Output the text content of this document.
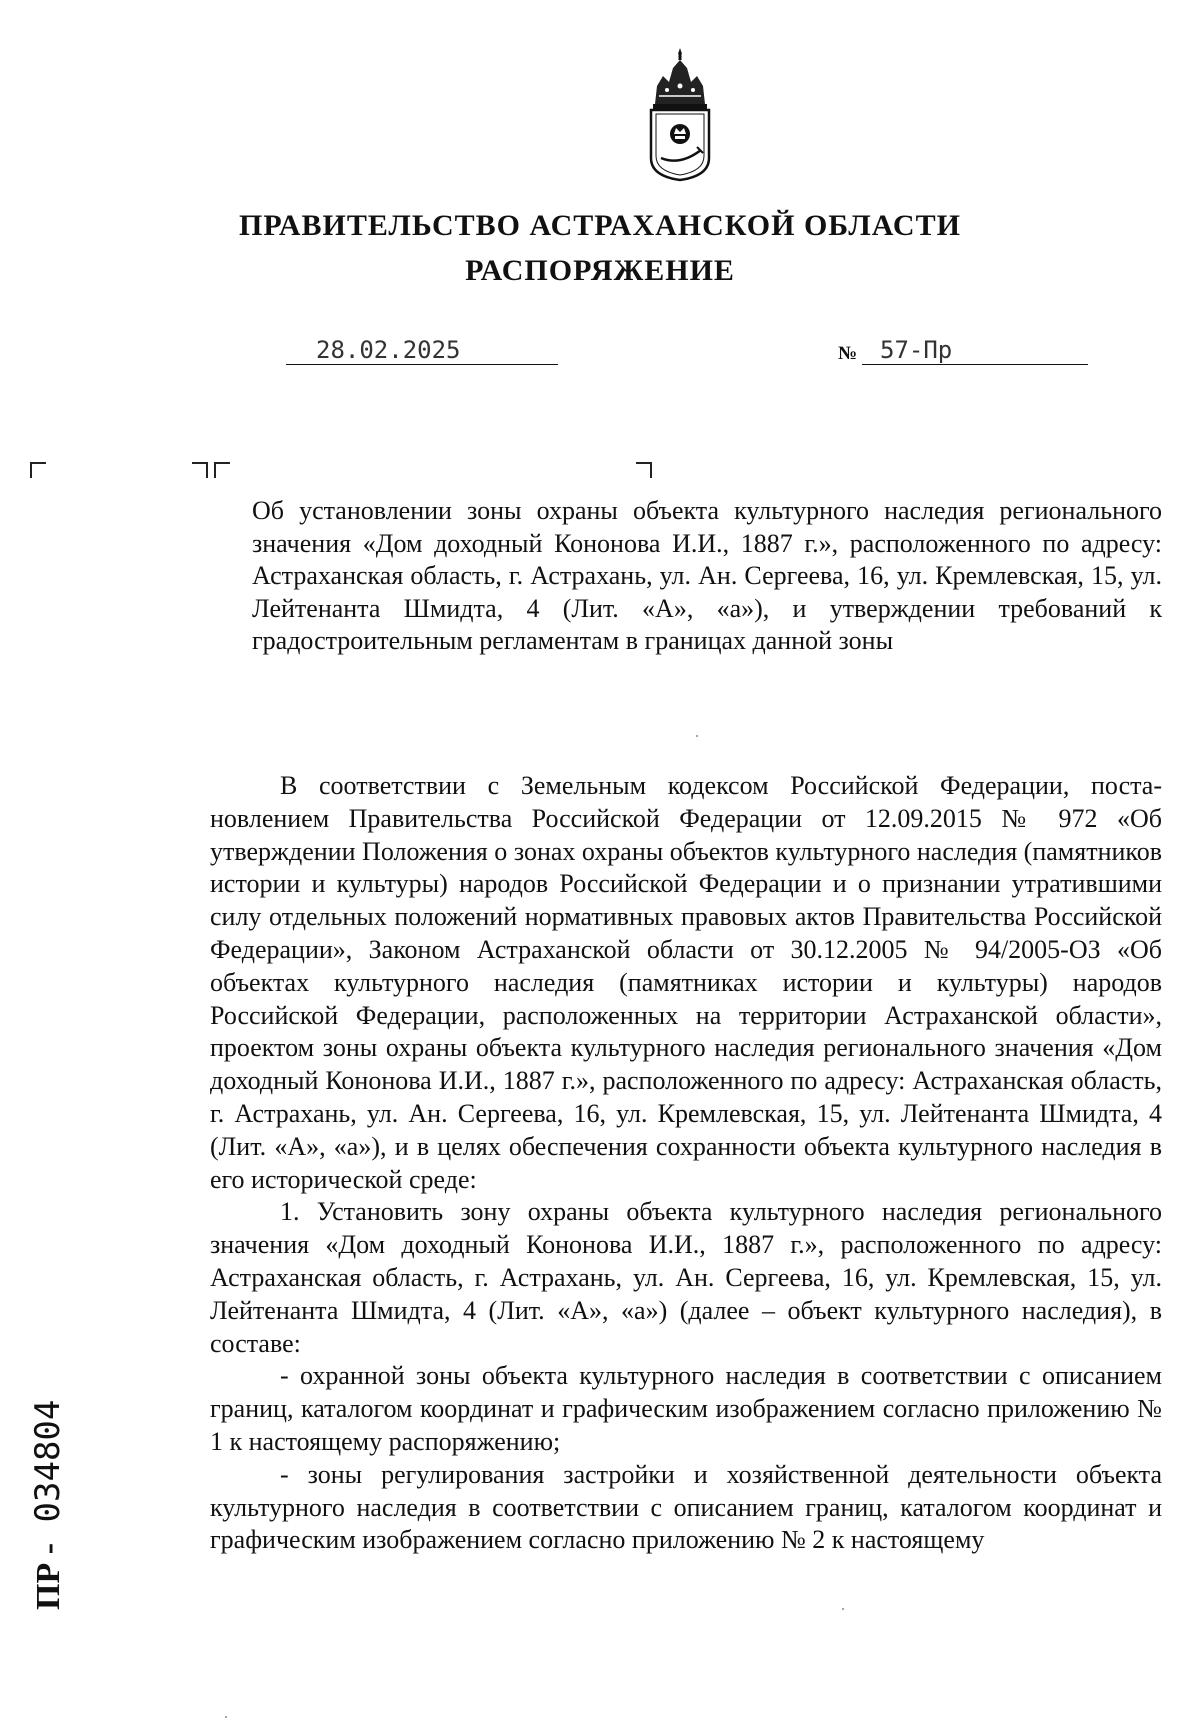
ПРАВИТЕЛЬСТВО АСТРАХАНСКОЙ ОБЛАСТИ
РАСПОРЯЖЕНИЕ
28.02.2025	№ 57-Пр
Об установлении зоны охраны объекта культурного наследия регионального значения «Дом доходный Кононова И.И., 1887 г.», расположенного по адресу: Астраханская область, г. Астрахань, ул. Ан. Сергеева, 16, ул. Кремлевская, 15, ул. Лейтенанта Шмидта, 4 (Лит. «А», «а»), и утверждении требований к градостроительным регламентам в границах данной зоны

В соответствии с Земельным кодексом Российской Федерации, постановлением Правительства Российской Федерации от 12.09.2015 № 972 «Об утверждении Положения о зонах охраны объектов культурного наследия (памятников истории и культуры) народов Российской Федерации и о признании утратившими силу отдельных положений нормативных правовых актов Правительства Российской Федерации», Законом Астраханской области от 30.12.2005 № 94/2005-ОЗ «Об объектах культурного наследия (памятниках истории и культуры) народов Российской Федерации, расположенных на территории Астраханской области», проектом зоны охраны объекта культурного наследия регионального значения «Дом доходный Кононова И.И., 1887 г.», расположенного по адресу: Астраханская область, г. Астрахань, ул. Ан. Сергеева, 16, ул. Кремлевская, 15, ул. Лейтенанта Шмидта, 4 (Лит. «А», «а»), и в целях обеспечения сохранности объекта культурного наследия в его исторической среде:

1. Установить зону охраны объекта культурного наследия регионального значения «Дом доходный Кононова И.И., 1887 г.», расположенного по адресу: Астраханская область, г. Астрахань, ул. Ан. Сергеева, 16, ул. Кремлевская, 15, ул. Лейтенанта Шмидта, 4 (Лит. «А», «а») (далее – объект культурного наследия), в составе:

- охранной зоны объекта культурного наследия в соответствии с описанием границ, каталогом координат и графическим изображением согласно приложению № 1 к настоящему распоряжению;

- зоны регулирования застройки и хозяйственной деятельности объекта культурного наследия в соответствии с описанием границ, каталогом координат и графическим изображением согласно приложению № 2 к настоящему

ПР - 034804
